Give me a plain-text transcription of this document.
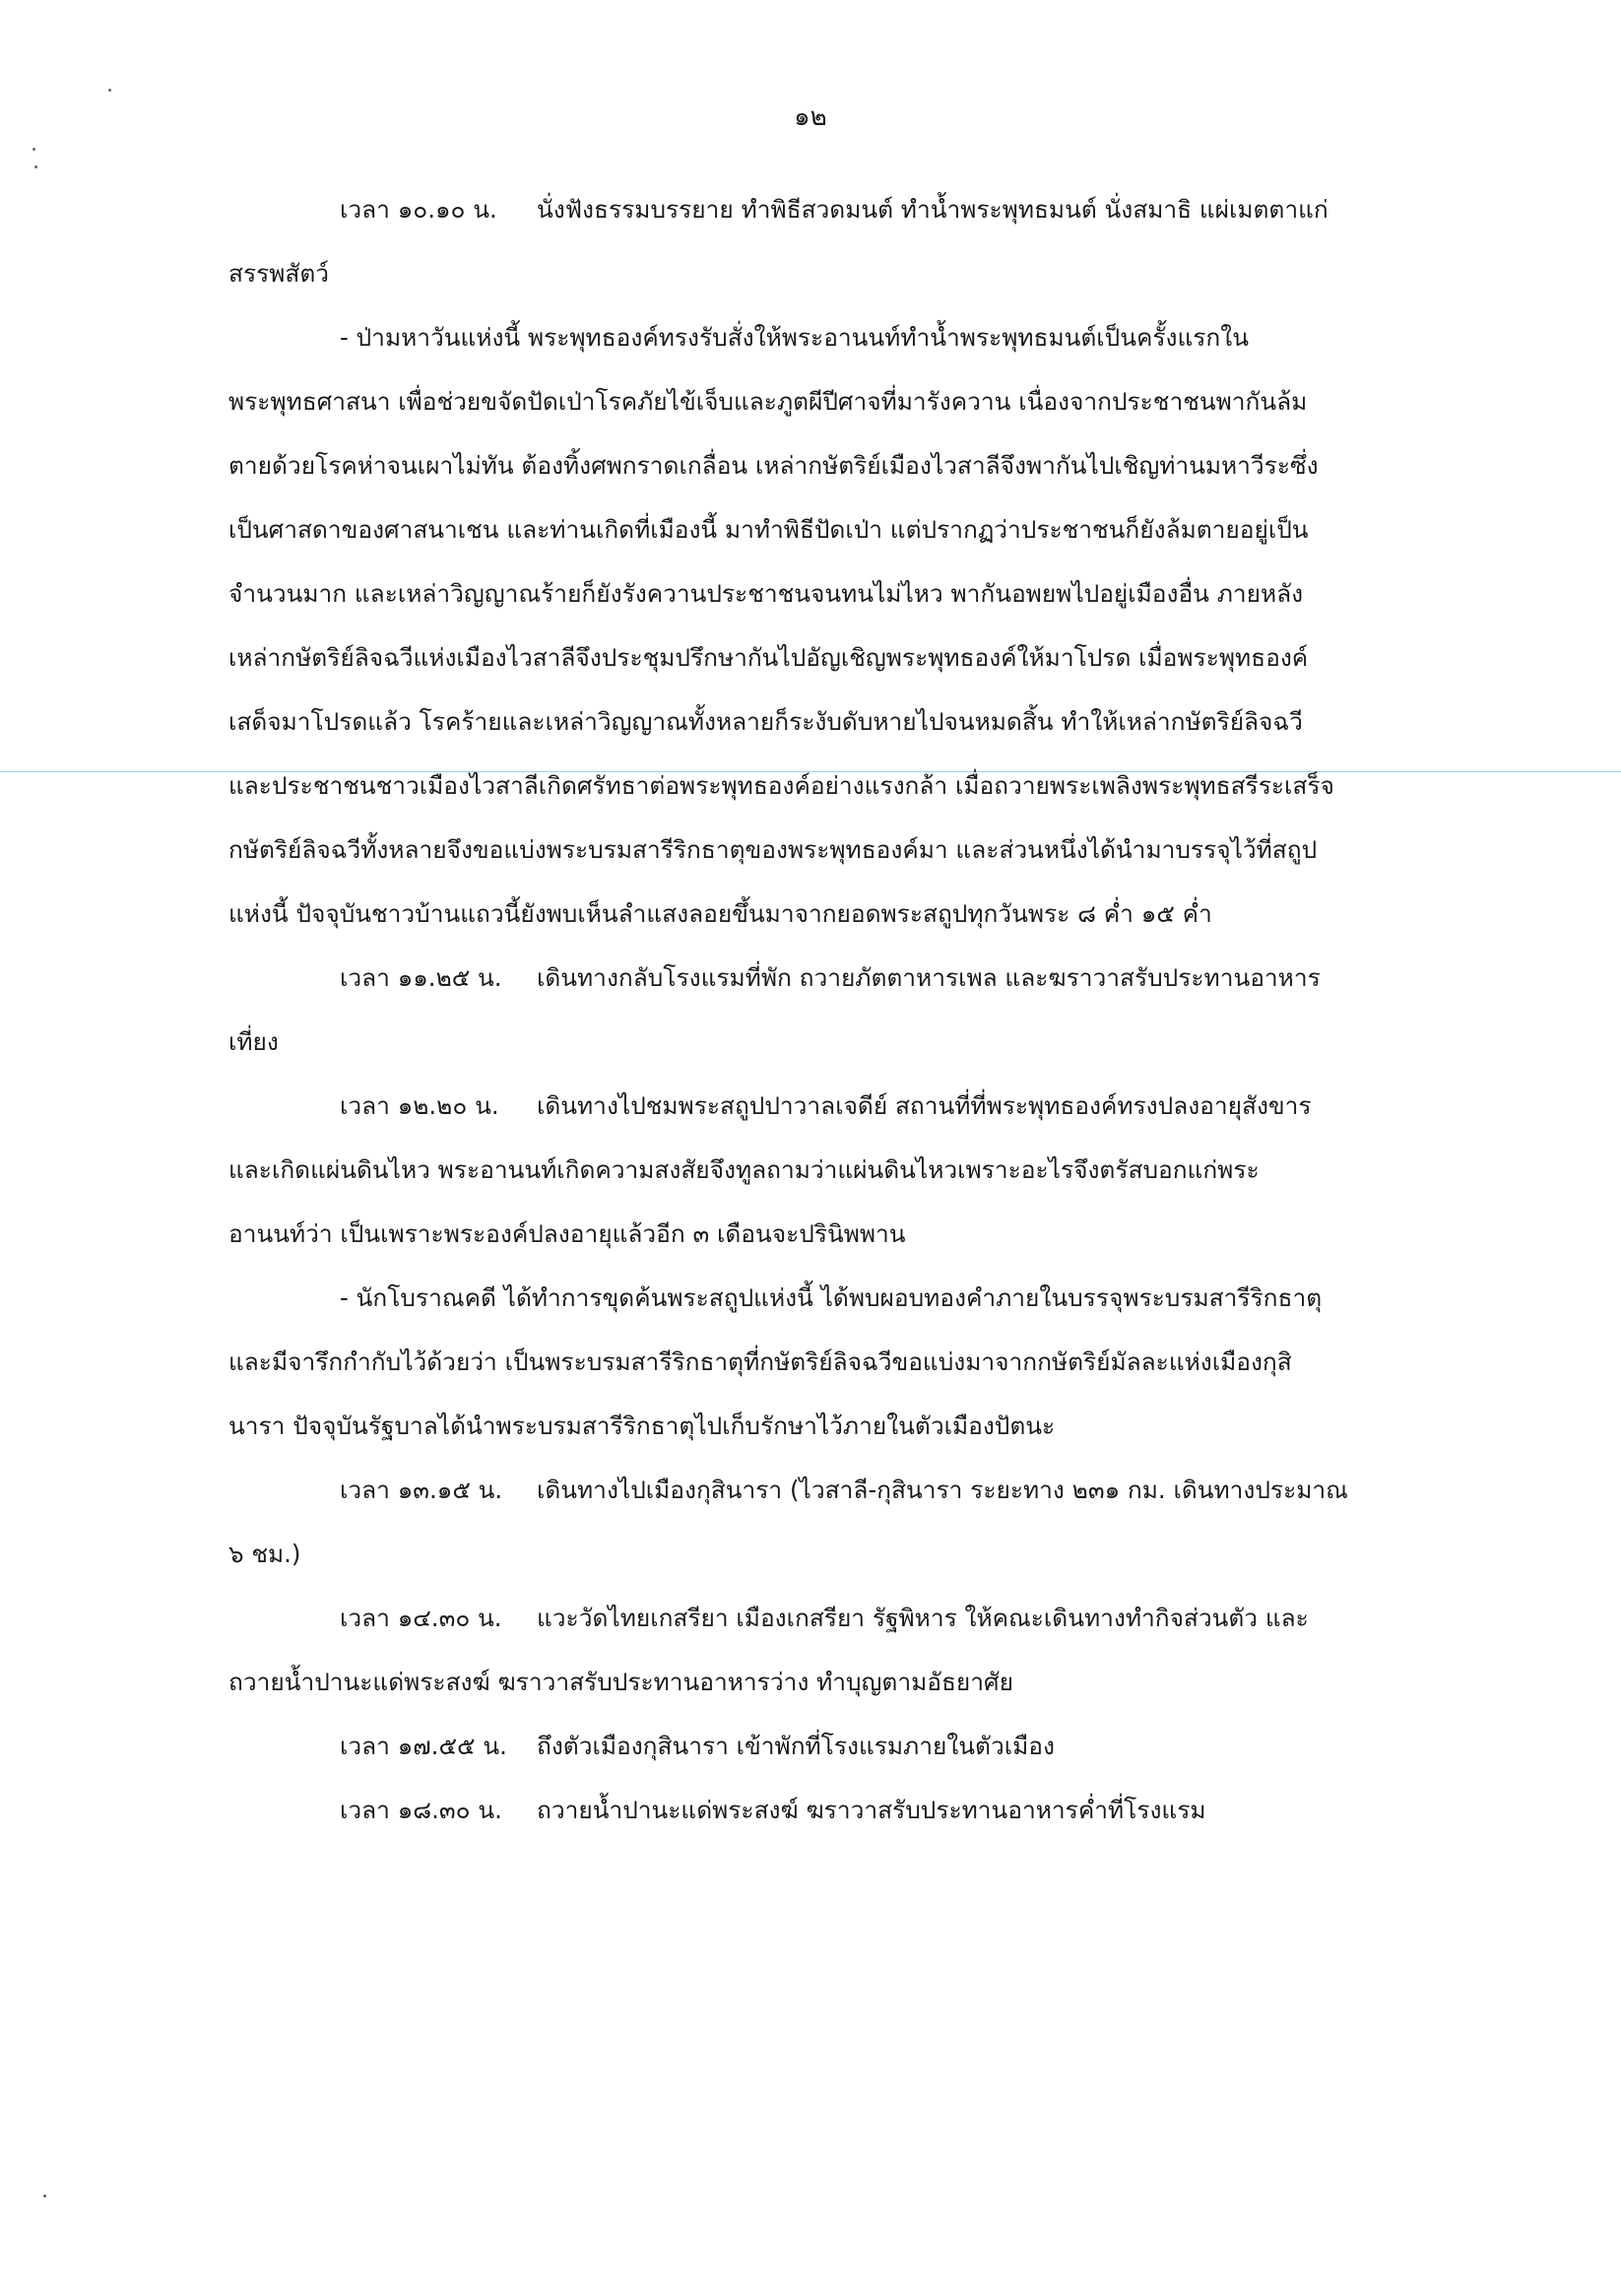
๑๒
เวลา ๑๐.๑๐ น. นั่งฟังธรรมบรรยาย ทำพิธีสวดมนต์ ทำน้ำพระพุทธมนต์ นั่งสมาธิ แผ่เมตตาแก่
สรรพสัตว์
- ป่ามหาวันแห่งนี้ พระพุทธองค์ทรงรับสั่งให้พระอานนท์ทำน้ำพระพุทธมนต์เป็นครั้งแรกใน
พระพุทธศาสนา เพื่อช่วยขจัดปัดเป่าโรคภัยไข้เจ็บและภูตผีปีศาจที่มารังควาน เนื่องจากประชาชนพากันล้ม
ตายด้วยโรคห่าจนเผาไม่ทัน ต้องทิ้งศพกราดเกลื่อน เหล่ากษัตริย์เมืองไวสาลีจึงพากันไปเชิญท่านมหาวีระซึ่ง
เป็นศาสดาของศาสนาเชน และท่านเกิดที่เมืองนี้ มาทำพิธีปัดเป่า แต่ปรากฏว่าประชาชนก็ยังล้มตายอยู่เป็น
จำนวนมาก และเหล่าวิญญาณร้ายก็ยังรังควานประชาชนจนทนไม่ไหว พากันอพยพไปอยู่เมืองอื่น ภายหลัง
เหล่ากษัตริย์ลิจฉวีแห่งเมืองไวสาลีจึงประชุมปรึกษากันไปอัญเชิญพระพุทธองค์ให้มาโปรด เมื่อพระพุทธองค์
เสด็จมาโปรดแล้ว โรคร้ายและเหล่าวิญญาณทั้งหลายก็ระงับดับหายไปจนหมดสิ้น ทำให้เหล่ากษัตริย์ลิจฉวี
และประชาชนชาวเมืองไวสาลีเกิดศรัทธาต่อพระพุทธองค์อย่างแรงกล้า เมื่อถวายพระเพลิงพระพุทธสรีระเสร็จ
กษัตริย์ลิจฉวีทั้งหลายจึงขอแบ่งพระบรมสารีริกธาตุของพระพุทธองค์มา และส่วนหนึ่งได้นำมาบรรจุไว้ที่สถูป
แห่งนี้ ปัจจุบันชาวบ้านแถวนี้ยังพบเห็นลำแสงลอยขึ้นมาจากยอดพระสถูปทุกวันพระ ๘ ค่ำ ๑๕ ค่ำ
เวลา ๑๑.๒๕ น. เดินทางกลับโรงแรมที่พัก ถวายภัตตาหารเพล และฆราวาสรับประทานอาหาร
เที่ยง
เวลา ๑๒.๒๐ น. เดินทางไปชมพระสถูปปาวาลเจดีย์ สถานที่ที่พระพุทธองค์ทรงปลงอายุสังขาร
และเกิดแผ่นดินไหว พระอานนท์เกิดความสงสัยจึงทูลถามว่าแผ่นดินไหวเพราะอะไรจึงตรัสบอกแก่พระ
อานนท์ว่า เป็นเพราะพระองค์ปลงอายุแล้วอีก ๓ เดือนจะปรินิพพาน
- นักโบราณคดี ได้ทำการขุดค้นพระสถูปแห่งนี้ ได้พบผอบทองคำภายในบรรจุพระบรมสารีริกธาตุ
และมีจารึกกำกับไว้ด้วยว่า เป็นพระบรมสารีริกธาตุที่กษัตริย์ลิจฉวีขอแบ่งมาจากกษัตริย์มัลละแห่งเมืองกุสิ
นารา ปัจจุบันรัฐบาลได้นำพระบรมสารีริกธาตุไปเก็บรักษาไว้ภายในตัวเมืองปัตนะ
เวลา ๑๓.๑๕ น. เดินทางไปเมืองกุสินารา (ไวสาลี-กุสินารา ระยะทาง ๒๓๑ กม. เดินทางประมาณ
๖ ชม.)
เวลา ๑๔.๓๐ น. แวะวัดไทยเกสรียา เมืองเกสรียา รัฐพิหาร ให้คณะเดินทางทำกิจส่วนตัว และ
ถวายน้ำปานะแด่พระสงฆ์ ฆราวาสรับประทานอาหารว่าง ทำบุญตามอัธยาศัย
เวลา ๑๗.๕๕ น. ถึงตัวเมืองกุสินารา เข้าพักที่โรงแรมภายในตัวเมือง
เวลา ๑๘.๓๐ น. ถวายน้ำปานะแด่พระสงฆ์ ฆราวาสรับประทานอาหารค่ำที่โรงแรม
